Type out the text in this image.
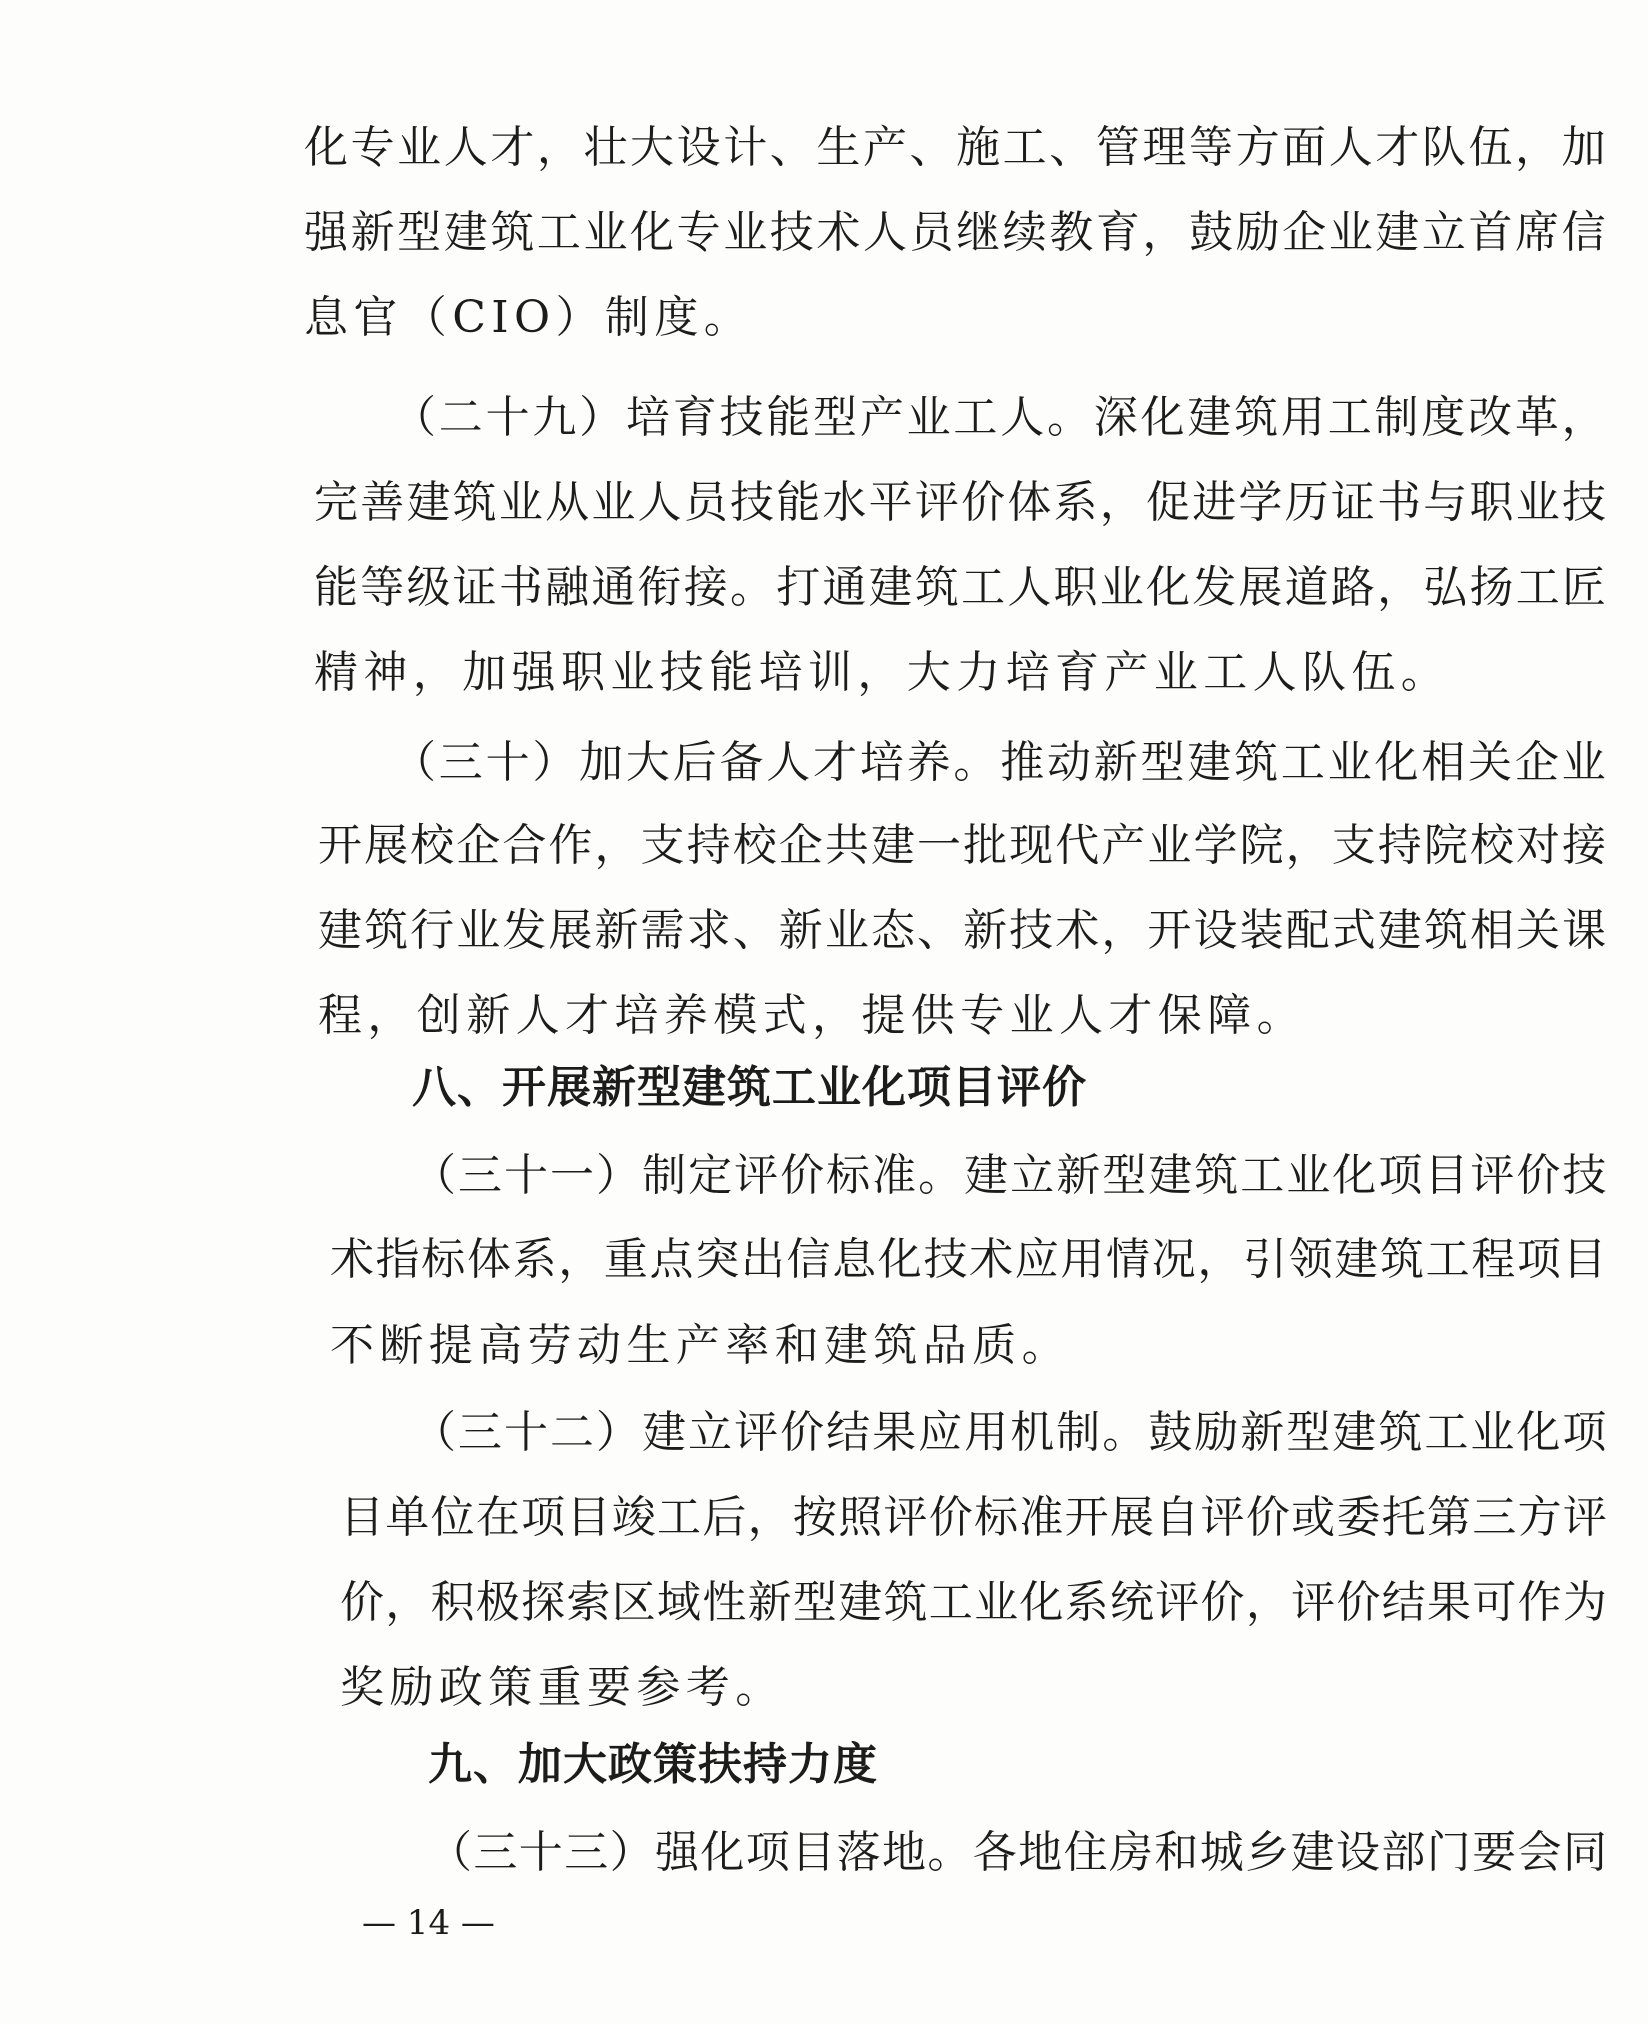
化专业人才，壮大设计、生产、施工、管理等方面人才队伍，加
强新型建筑工业化专业技术人员继续教育，鼓励企业建立首席信
息官（CIO）制度。
（二十九）培育技能型产业工人。深化建筑用工制度改革，
完善建筑业从业人员技能水平评价体系，促进学历证书与职业技
能等级证书融通衔接。打通建筑工人职业化发展道路，弘扬工匠
精神，加强职业技能培训，大力培育产业工人队伍。
（三十）加大后备人才培养。推动新型建筑工业化相关企业
开展校企合作，支持校企共建一批现代产业学院，支持院校对接
建筑行业发展新需求、新业态、新技术，开设装配式建筑相关课
程，创新人才培养模式，提供专业人才保障。
八、开展新型建筑工业化项目评价
（三十一）制定评价标准。建立新型建筑工业化项目评价技
术指标体系，重点突出信息化技术应用情况，引领建筑工程项目
不断提高劳动生产率和建筑品质。
（三十二）建立评价结果应用机制。鼓励新型建筑工业化项
目单位在项目竣工后，按照评价标准开展自评价或委托第三方评
价，积极探索区域性新型建筑工业化系统评价，评价结果可作为
奖励政策重要参考。
九、加大政策扶持力度
（三十三）强化项目落地。各地住房和城乡建设部门要会同
— 14 —
